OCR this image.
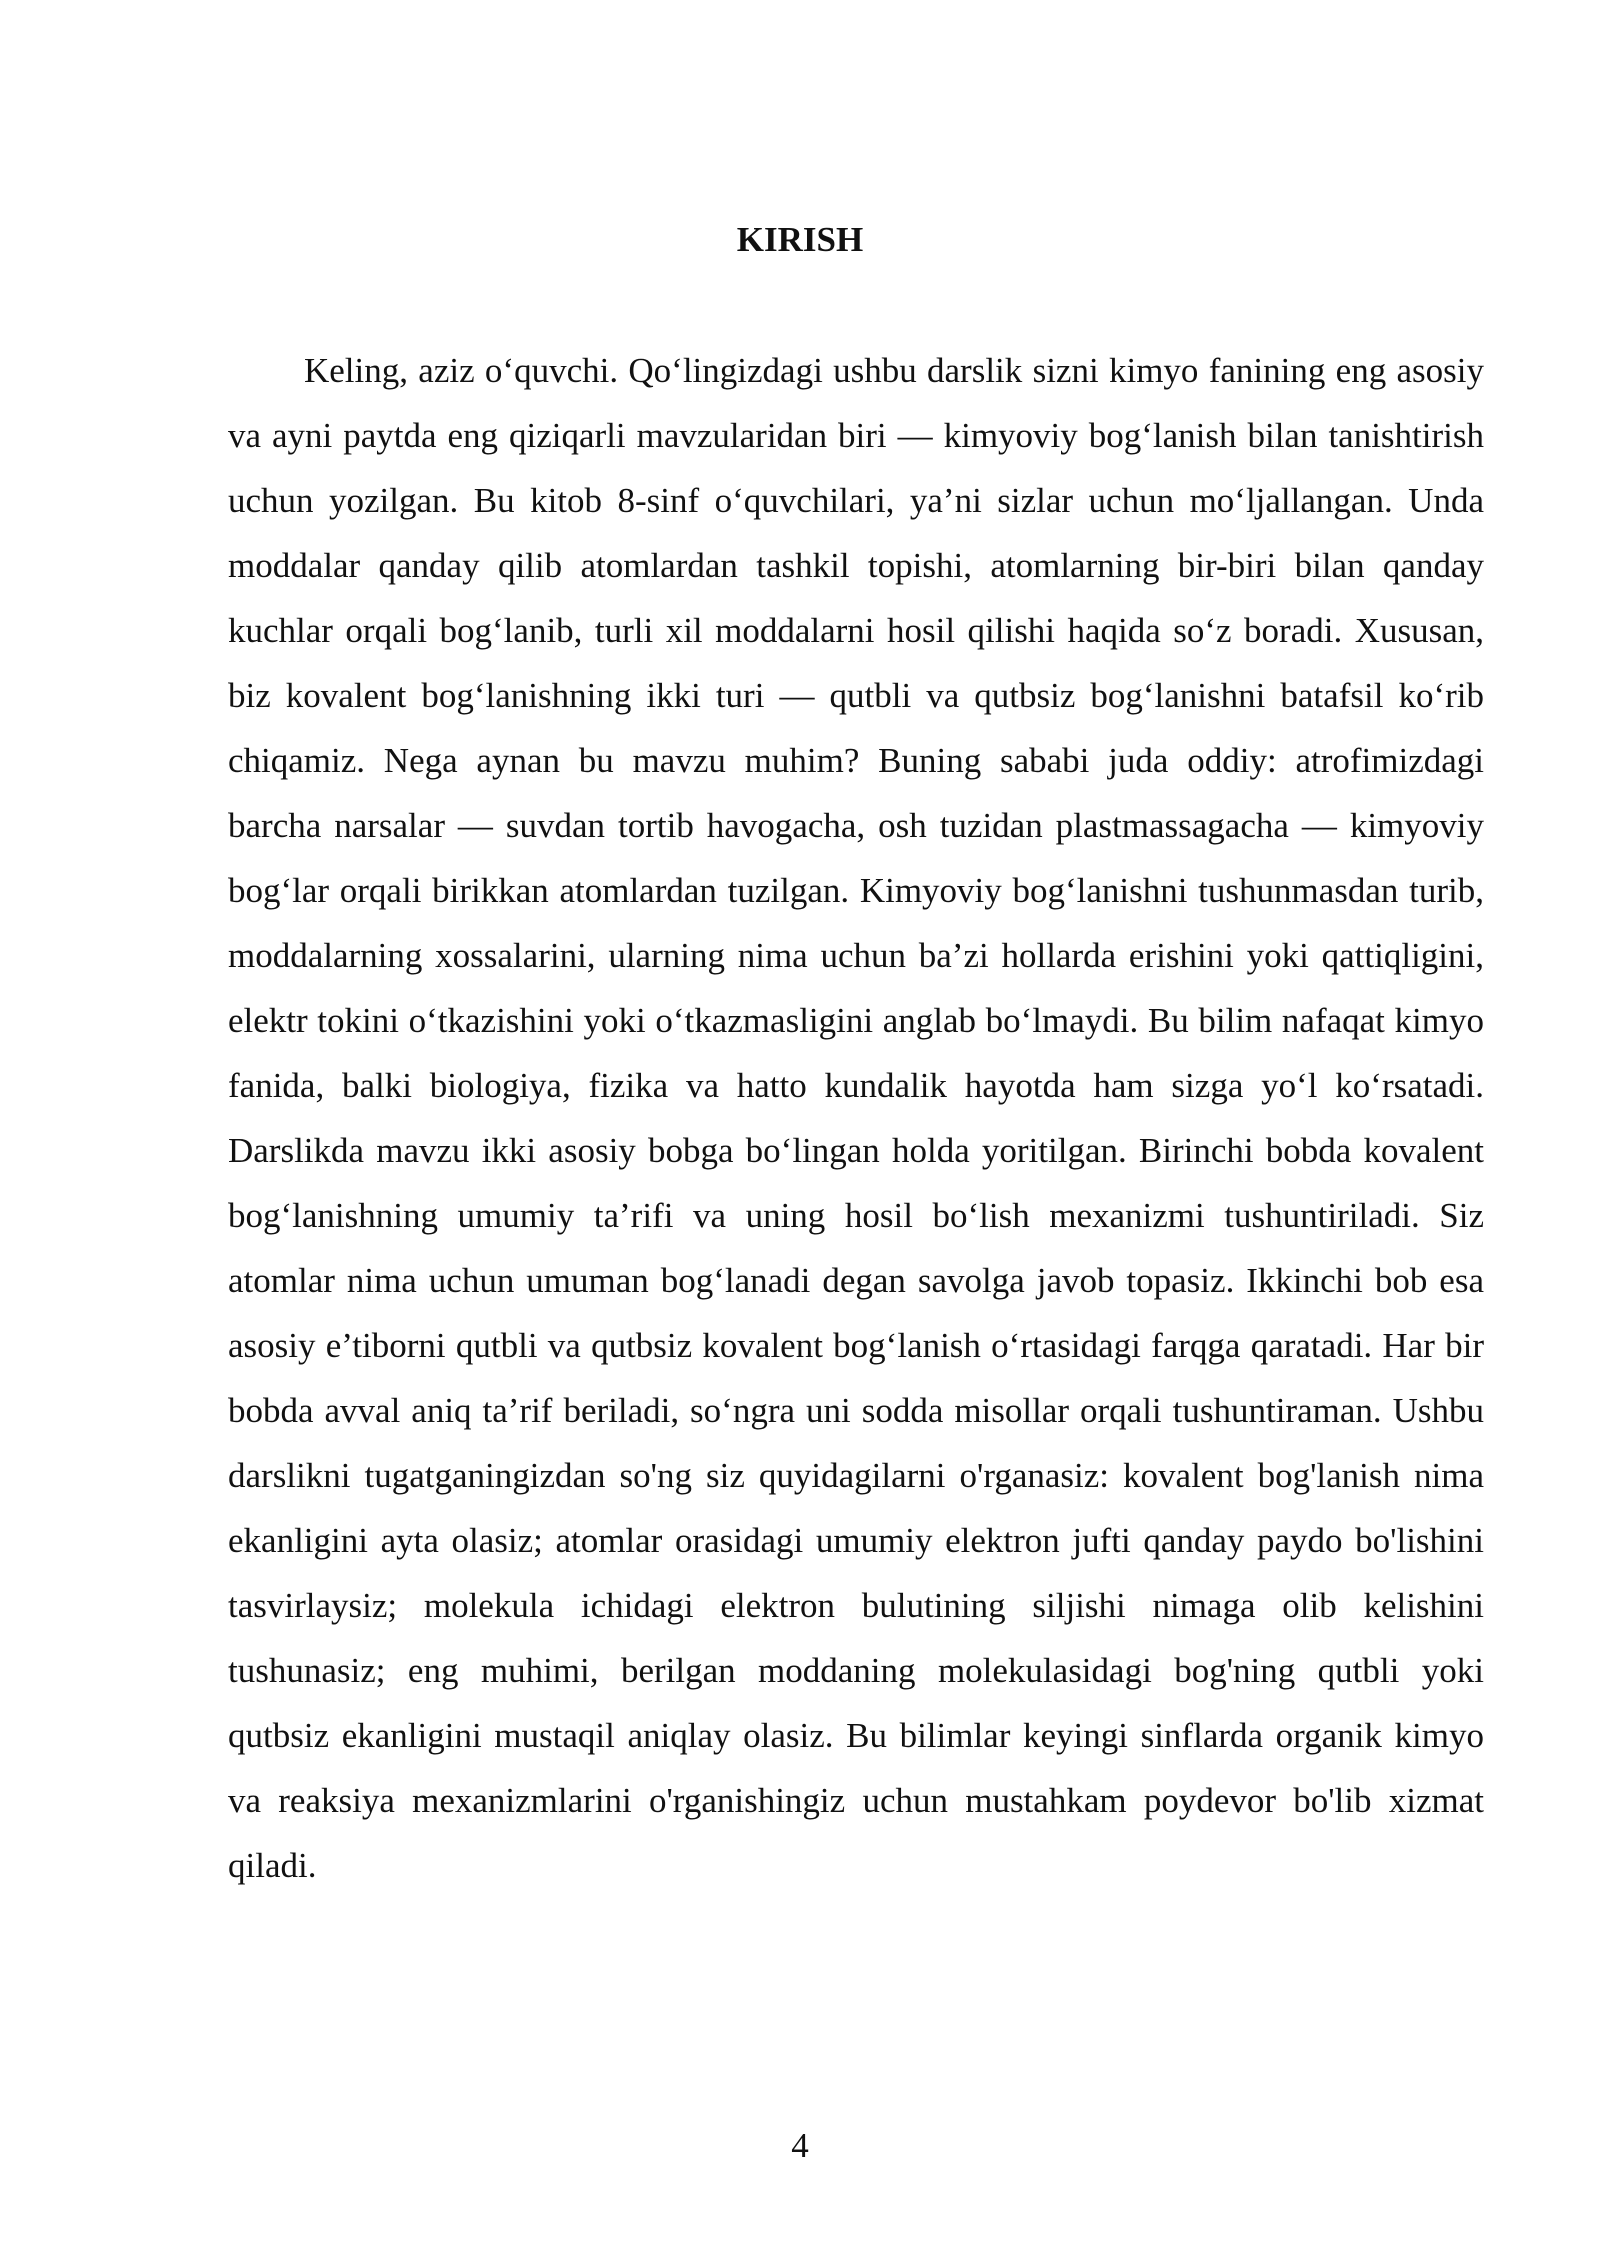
KIRISH

Keling, aziz o‘quvchi. Qo‘lingizdagi ushbu darslik sizni kimyo fanining eng asosiy va ayni paytda eng qiziqarli mavzularidan biri — kimyoviy bog‘lanish bilan tanishtirish uchun yozilgan. Bu kitob 8-sinf o‘quvchilari, ya’ni sizlar uchun mo‘ljallangan. Unda moddalar qanday qilib atomlardan tashkil topishi, atomlarning bir-biri bilan qanday kuchlar orqali bog‘lanib, turli xil moddalarni hosil qilishi haqida so‘z boradi. Xususan, biz kovalent bog‘lanishning ikki turi — qutbli va qutbsiz bog‘lanishni batafsil ko‘rib chiqamiz. Nega aynan bu mavzu muhim? Buning sababi juda oddiy: atrofimizdagi barcha narsalar — suvdan tortib havogacha, osh tuzidan plastmassagacha — kimyoviy bog‘lar orqali birikkan atomlardan tuzilgan. Kimyoviy bog‘lanishni tushunmasdan turib, moddalarning xossalarini, ularning nima uchun ba’zi hollarda erishini yoki qattiqligini, elektr tokini o‘tkazishini yoki o‘tkazmasligini anglab bo‘lmaydi. Bu bilim nafaqat kimyo fanida, balki biologiya, fizika va hatto kundalik hayotda ham sizga yo‘l ko‘rsatadi. Darslikda mavzu ikki asosiy bobga bo‘lingan holda yoritilgan. Birinchi bobda kovalent bog‘lanishning umumiy ta’rifi va uning hosil bo‘lish mexanizmi tushuntiriladi. Siz atomlar nima uchun umuman bog‘lanadi degan savolga javob topasiz. Ikkinchi bob esa asosiy e’tiborni qutbli va qutbsiz kovalent bog‘lanish o‘rtasidagi farqga qaratadi. Har bir bobda avval aniq ta’rif beriladi, so‘ngra uni sodda misollar orqali tushuntiraman. Ushbu darslikni tugatganingizdan so'ng siz quyidagilarni o'rganasiz: kovalent bog'lanish nima ekanligini ayta olasiz; atomlar orasidagi umumiy elektron jufti qanday paydo bo'lishini tasvirlaysiz; molekula ichidagi elektron bulutining siljishi nimaga olib kelishini tushunasiz; eng muhimi, berilgan moddaning molekulasidagi bog'ning qutbli yoki qutbsiz ekanligini mustaqil aniqlay olasiz. Bu bilimlar keyingi sinflarda organik kimyo va reaksiya mexanizmlarini o'rganishingiz uchun mustahkam poydevor bo'lib xizmat qiladi.

4
